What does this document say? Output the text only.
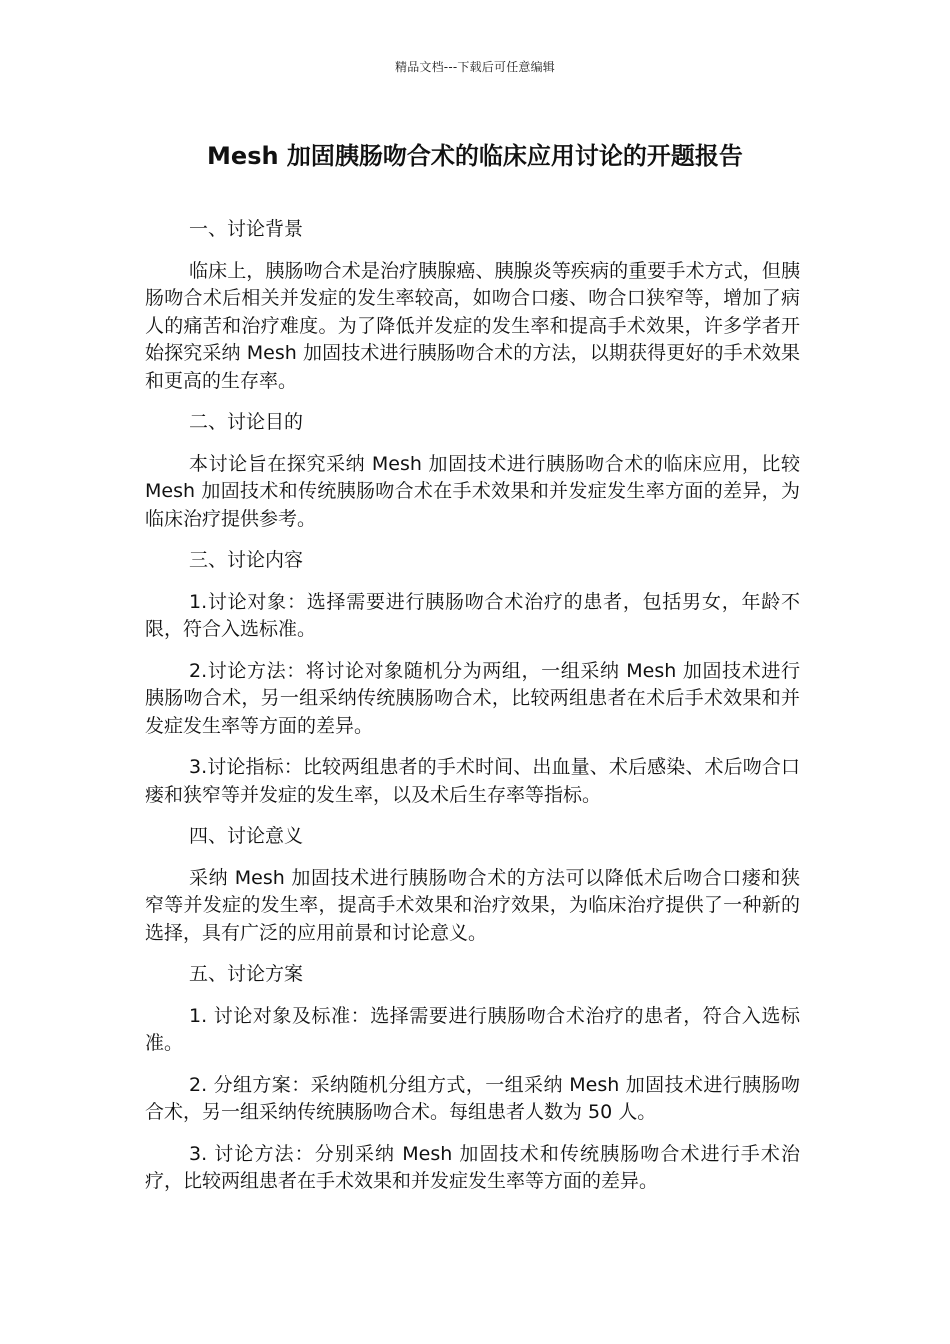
精品文档---下载后可任意编辑
Mesh 加固胰肠吻合术的临床应用讨论的开题报告
一、讨论背景
临床上，胰肠吻合术是治疗胰腺癌、胰腺炎等疾病的重要手术方式，但胰肠吻合术后相关并发症的发生率较高，如吻合口瘘、吻合口狭窄等，增加了病人的痛苦和治疗难度。为了降低并发症的发生率和提高手术效果，许多学者开始探究采纳 Mesh 加固技术进行胰肠吻合术的方法，以期获得更好的手术效果和更高的生存率。
二、讨论目的
本讨论旨在探究采纳 Mesh 加固技术进行胰肠吻合术的临床应用，比较 Mesh 加固技术和传统胰肠吻合术在手术效果和并发症发生率方面的差异，为临床治疗提供参考。
三、讨论内容
1.讨论对象：选择需要进行胰肠吻合术治疗的患者，包括男女，年龄不限，符合入选标准。
2.讨论方法：将讨论对象随机分为两组，一组采纳 Mesh 加固技术进行胰肠吻合术，另一组采纳传统胰肠吻合术，比较两组患者在术后手术效果和并发症发生率等方面的差异。
3.讨论指标：比较两组患者的手术时间、出血量、术后感染、术后吻合口瘘和狭窄等并发症的发生率，以及术后生存率等指标。
四、讨论意义
采纳 Mesh 加固技术进行胰肠吻合术的方法可以降低术后吻合口瘘和狭窄等并发症的发生率，提高手术效果和治疗效果，为临床治疗提供了一种新的选择，具有广泛的应用前景和讨论意义。
五、讨论方案
1. 讨论对象及标准：选择需要进行胰肠吻合术治疗的患者，符合入选标准。
2. 分组方案：采纳随机分组方式，一组采纳 Mesh 加固技术进行胰肠吻合术，另一组采纳传统胰肠吻合术。每组患者人数为 50 人。
3. 讨论方法：分别采纳 Mesh 加固技术和传统胰肠吻合术进行手术治疗，比较两组患者在手术效果和并发症发生率等方面的差异。
